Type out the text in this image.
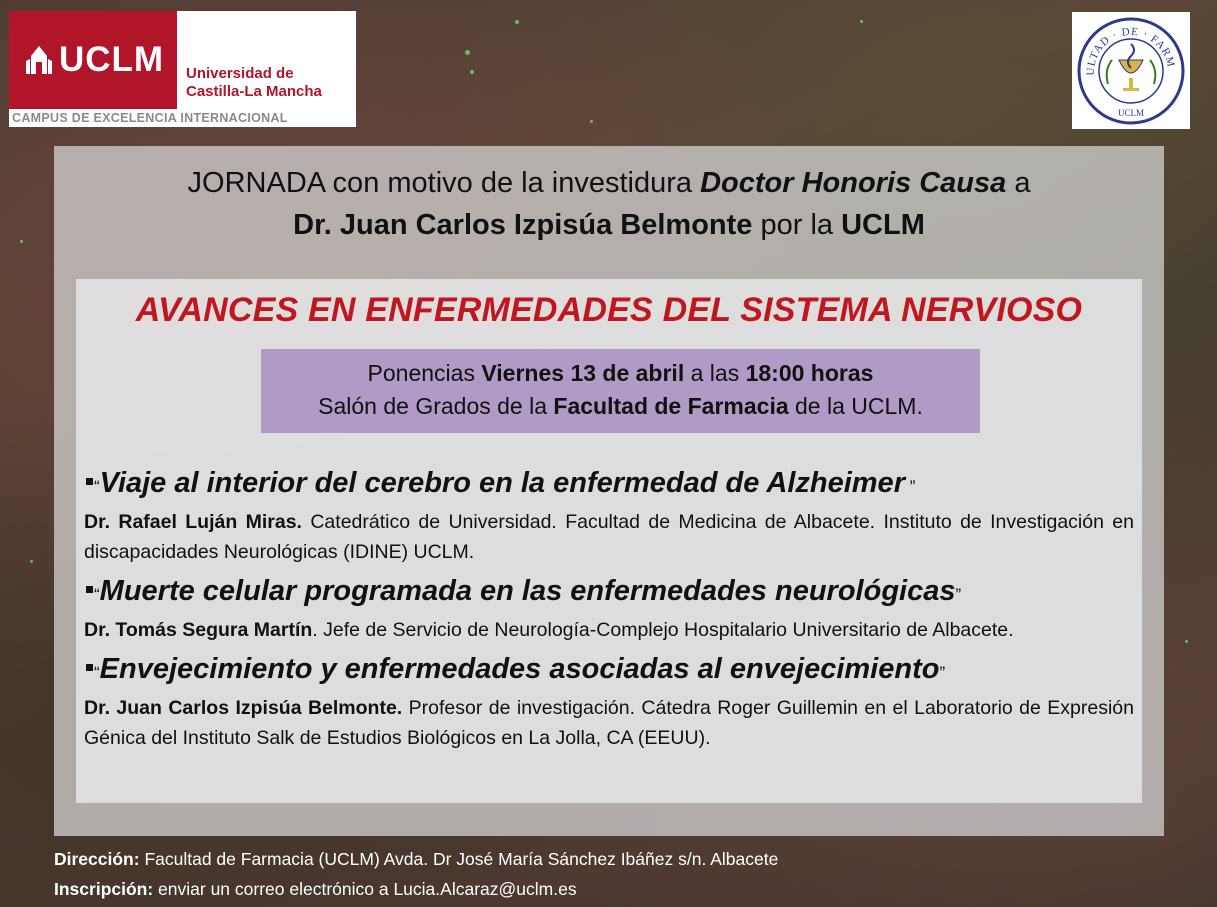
UCLM Universidad de
Castilla-La Mancha
CAMPUS DE EXCELENCIA INTERNACIONAL
ULTAD · DE · FARM
UCLM
JORNADA con motivo de la investidura Doctor Honoris Causa a
Dr. Juan Carlos Izpisúa Belmonte por la UCLM
AVANCES EN ENFERMEDADES DEL SISTEMA NERVIOSO
Ponencias Viernes 13 de abril a las 18:00 horas
Salón de Grados de la Facultad de Farmacia de la UCLM.
“Viaje al interior del cerebro en la enfermedad de Alzheimer ”
Dr. Rafael Luján Miras. Catedrático de Universidad. Facultad de Medicina de Albacete. Instituto de Investigación en discapacidades Neurológicas (IDINE) UCLM.
“Muerte celular programada en las enfermedades neurológicas”
Dr. Tomás Segura Martín. Jefe de Servicio de Neurología-Complejo Hospitalario Universitario de Albacete.
“Envejecimiento y enfermedades asociadas al envejecimiento”
Dr. Juan Carlos Izpisúa Belmonte. Profesor de investigación. Cátedra Roger Guillemin en el Laboratorio de Expresión Génica del Instituto Salk de Estudios Biológicos en La Jolla, CA (EEUU).
Dirección: Facultad de Farmacia (UCLM) Avda. Dr José María Sánchez Ibáñez s/n. Albacete
Inscripción: enviar un correo electrónico a Lucia.Alcaraz@uclm.es
